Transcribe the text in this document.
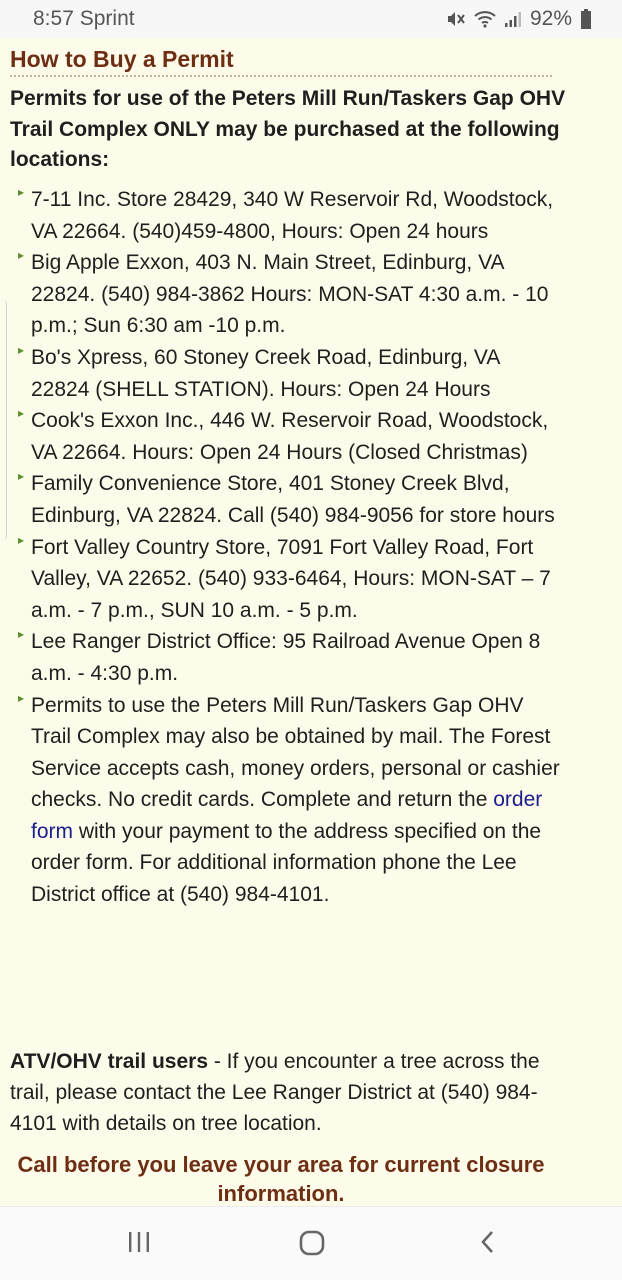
8:57 Sprint	92%
How to Buy a Permit
Permits for use of the Peters Mill Run/Taskers Gap OHV Trail Complex ONLY may be purchased at the following locations:
▸ 7-11 Inc. Store 28429, 340 W Reservoir Rd, Woodstock, VA 22664. (540)459-4800, Hours: Open 24 hours
▸ Big Apple Exxon, 403 N. Main Street, Edinburg, VA 22824. (540) 984-3862 Hours: MON-SAT 4:30 a.m. - 10 p.m.; Sun 6:30 am -10 p.m.
▸ Bo's Xpress, 60 Stoney Creek Road, Edinburg, VA 22824 (SHELL STATION). Hours: Open 24 Hours
▸ Cook's Exxon Inc., 446 W. Reservoir Road, Woodstock, VA 22664. Hours: Open 24 Hours (Closed Christmas)
▸ Family Convenience Store, 401 Stoney Creek Blvd, Edinburg, VA 22824. Call (540) 984-9056 for store hours
▸ Fort Valley Country Store, 7091 Fort Valley Road, Fort Valley, VA 22652. (540) 933-6464, Hours: MON-SAT – 7 a.m. - 7 p.m., SUN 10 a.m. - 5 p.m.
▸ Lee Ranger District Office: 95 Railroad Avenue Open 8 a.m. - 4:30 p.m.
▸ Permits to use the Peters Mill Run/Taskers Gap OHV Trail Complex may also be obtained by mail. The Forest Service accepts cash, money orders, personal or cashier checks. No credit cards. Complete and return the order form with your payment to the address specified on the order form. For additional information phone the Lee District office at (540) 984-4101.
ATV/OHV trail users - If you encounter a tree across the trail, please contact the Lee Ranger District at (540) 984-4101 with details on tree location.
Call before you leave your area for current closure information.
